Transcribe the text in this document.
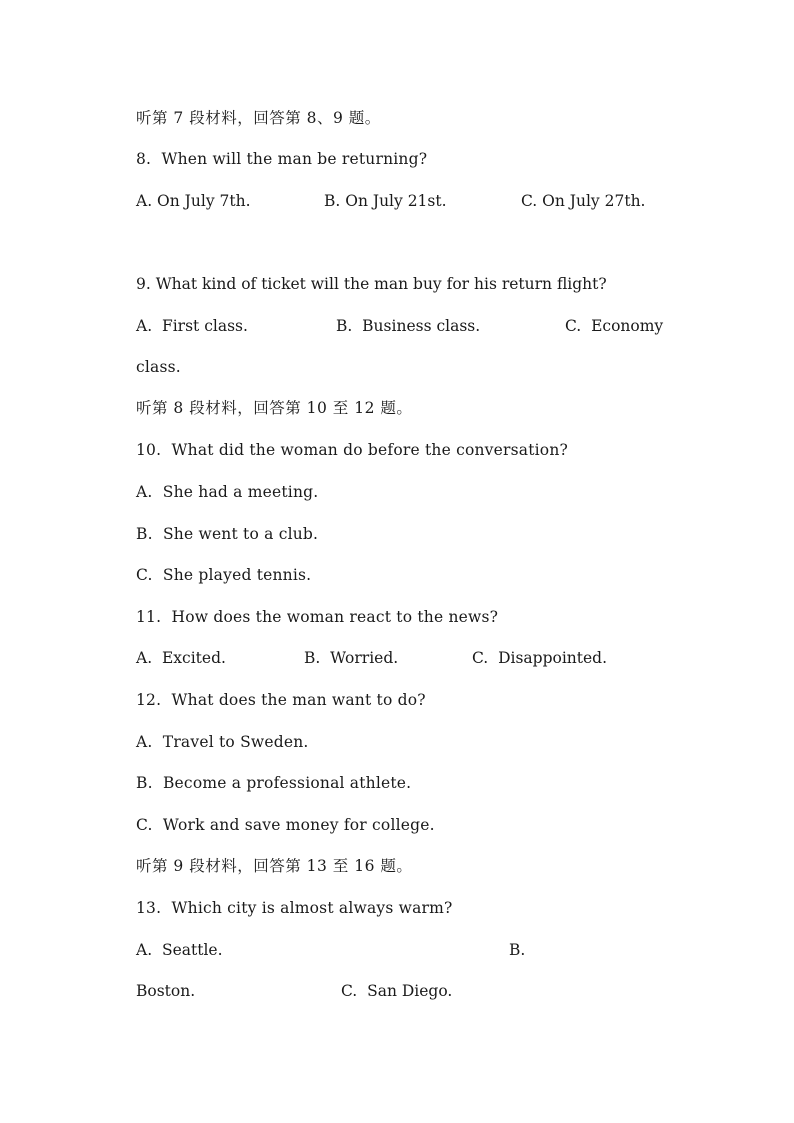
听第 7 段材料，回答第 8、9 题。
8.  When will the man be returning?
A. On July 7th.	B. On July 21st.	C. On July 27th.
9. What kind of ticket will the man buy for his return flight?
A.  First class.	B.  Business class.	C.  Economy
class.
听第 8 段材料，回答第 10 至 12 题。
10.  What did the woman do before the conversation?
A.  She had a meeting.
B.  She went to a club.
C.  She played tennis.
11.  How does the woman react to the news?
A.  Excited.	B.  Worried.	C.  Disappointed.
12.  What does the man want to do?
A.  Travel to Sweden.
B.  Become a professional athlete.
C.  Work and save money for college.
听第 9 段材料，回答第 13 至 16 题。
13.  Which city is almost always warm?
A.  Seattle.	B.
Boston.	C.  San Diego.
